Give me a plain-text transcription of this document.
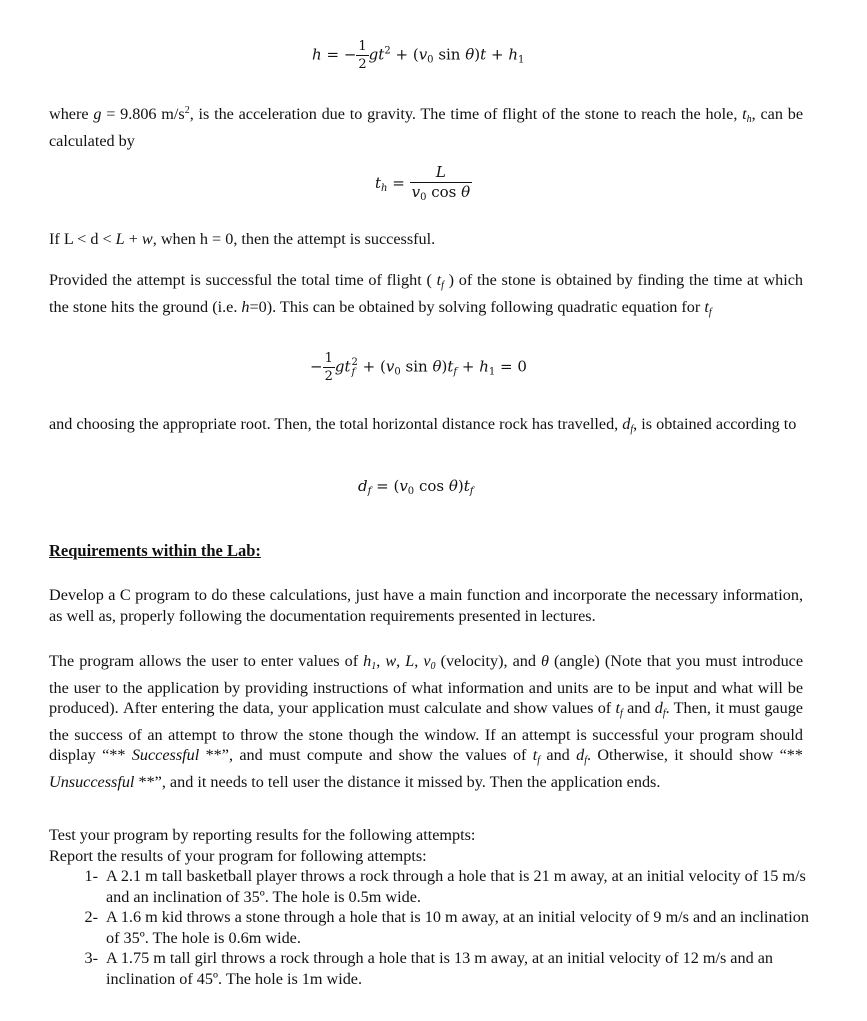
h = − $\frac{1}{2} gt^2 + (v_0$ $\sin \theta)t + h_1$
where g = 9.806 $m/s^2$, is the acceleration due to gravity. The time of flight of the stone to reach the hole, $t_h$, can be calculated by
$t_h = \frac{L}{v_0 \cos \theta}$
If L < d < L + w, when h = 0, then the attempt is successful.
Provided the attempt is successful the total time of flight ( $t_f$ ) of the stone is obtained by finding the time at which the stone hits the ground (i.e. h=0). This can be obtained by solving following quadratic equation for $t_f$
− $\frac{1}{2}$ gt 2
$f + (v_0$ $\sin \theta)t_f + h_1 = 0$
and choosing the appropriate root. Then, the total horizontal distance rock has travelled, $d_f$, is obtained according to
$d_f = (v_0$ $\cos \theta)t_f$
Requirements within the Lab:
Develop a C program to do these calculations, just have a main function and incorporate the necessary information, as well as, properly following the documentation requirements presented in lectures.
The program allows the user to enter values of $h_1$, w, L, $v_0$ (velocity), and θ (angle) (Note that you must introduce the user to the application by providing instructions of what information and units are to be input and what will be produced). After entering the data, your application must calculate and show values of $t_f$ and $d_f$. Then, it must gauge the success of an attempt to throw the stone though the window. If an attempt is successful your program should display “** Successful **”, and must compute and show the values of $t_f$ and $d_f$. Otherwise, it should show “** Unsuccessful **”, and it needs to tell user the distance it missed by. Then the application ends.
Test your program by reporting results for the following attempts:
Report the results of your program for following attempts:
1- A 2.1 m tall basketball player throws a rock through a hole that is 21 m away, at an initial velocity of 15 m/s and an inclination of 35º. The hole is 0.5m wide.
2- A 1.6 m kid throws a stone through a hole that is 10 m away, at an initial velocity of 9 m/s and an inclination of 35º. The hole is 0.6m wide.
3- A 1.75 m tall girl throws a rock through a hole that is 13 m away, at an initial velocity of 12 m/s and an inclination of 45º. The hole is 1m wide.
